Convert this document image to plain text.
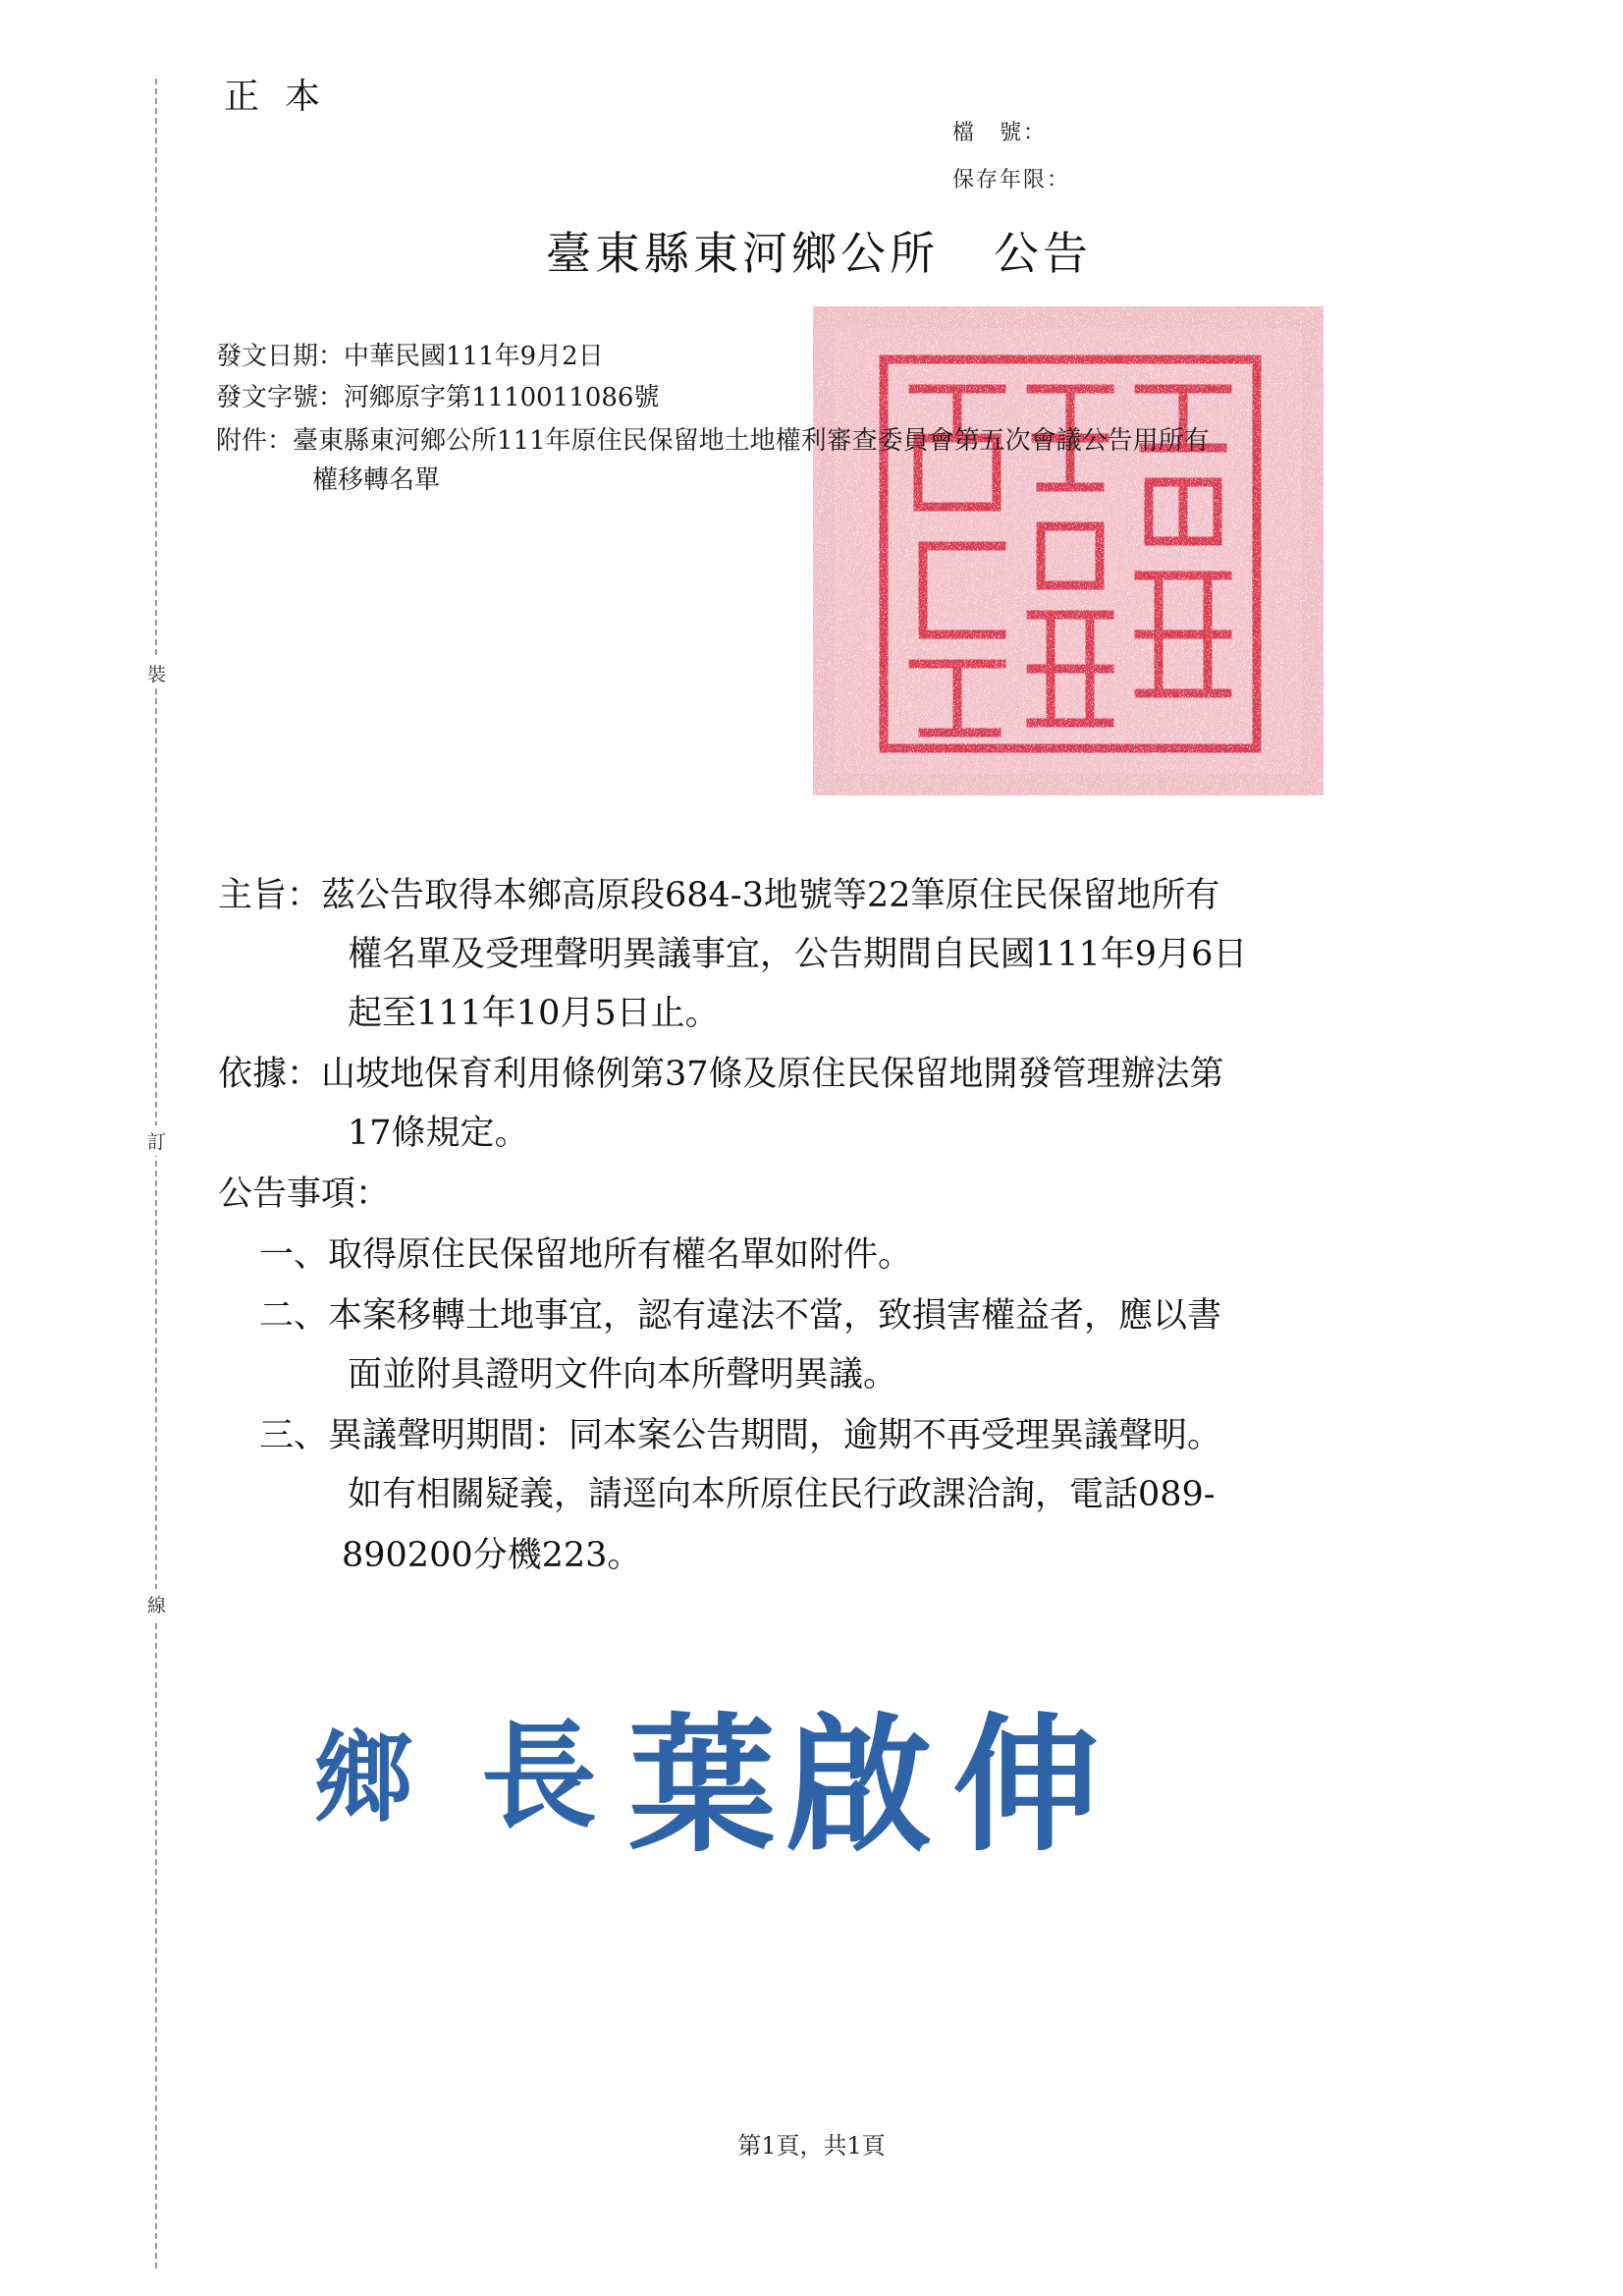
裝
訂
線
正本
檔　號：
保存年限：
臺東縣東河鄉公所 公告
臺東縣東河鄉公所
發文日期：中華民國111年9月2日
發文字號：河鄉原字第1110011086號
附件：臺東縣東河鄉公所111年原住民保留地土地權利審查委員會第五次會議公告用所有
權移轉名單
主旨：茲公告取得本鄉高原段684-3地號等22筆原住民保留地所有
權名單及受理聲明異議事宜，公告期間自民國111年9月6日
起至111年10月5日止。
依據：山坡地保育利用條例第37條及原住民保留地開發管理辦法第
17條規定。
公告事項：
一、取得原住民保留地所有權名單如附件。
二、本案移轉土地事宜，認有違法不當，致損害權益者，應以書
面並附具證明文件向本所聲明異議。
三、異議聲明期間：同本案公告期間，逾期不再受理異議聲明。
如有相關疑義，請逕向本所原住民行政課洽詢，電話089-
890200分機223。
鄉 長 葉 啟 伸
鄉長葉啟伸
第1頁，共1頁
